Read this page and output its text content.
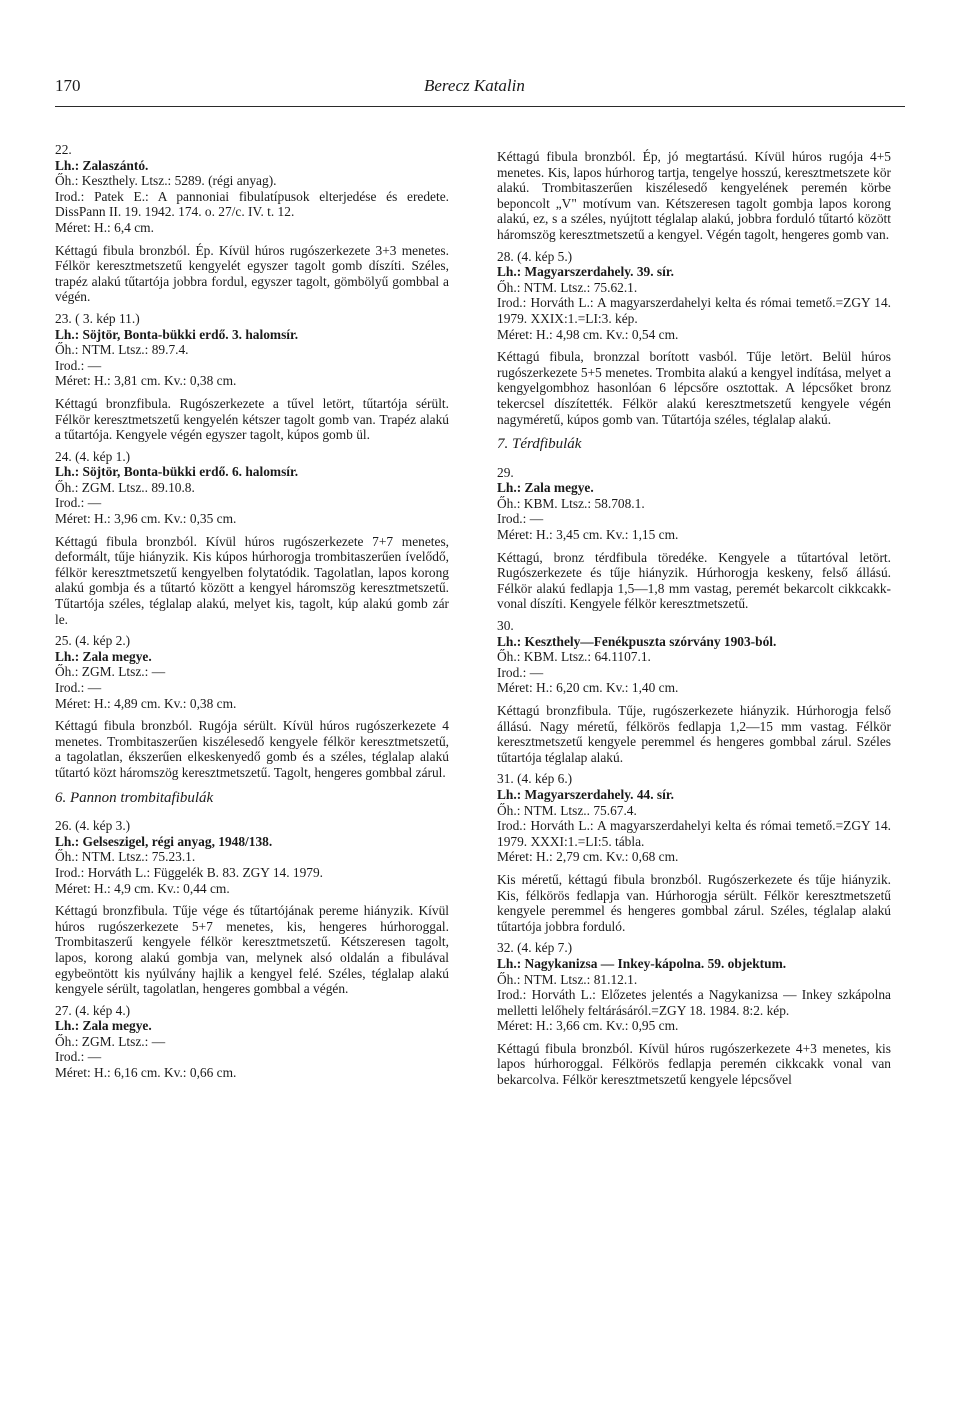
170	Berecz Katalin

22.

Lh.: Zalaszántó.

Őh.: Keszthely. Ltsz.: 5289. (régi anyag).

Irod.: Patek E.: A pannoniai fibulatípusok elterjedése és eredete. DissPann II. 19. 1942. 174. o. 27/c. IV. t. 12.

Méret: H.: 6,4 cm.

Kéttagú fibula bronzból. Ép. Kívül húros rugószerkezete 3+3 menetes. Félkör keresztmetszetű kengyelét egyszer tagolt gomb díszíti. Széles, trapéz alakú tűtartója jobbra fordul, egyszer tagolt, gömbölyű gombbal a végén.

23. ( 3. kép 11.)

Lh.: Söjtör, Bonta-bükki erdő. 3. halomsír.

Őh.: NTM. Ltsz.: 89.7.4.

Irod.: —

Méret: H.: 3,81 cm. Kv.: 0,38 cm.

Kéttagú bronzfibula. Rugószerkezete a tűvel letört, tűtartója sérült. Félkör keresztmetszetű kengyelén kétszer tagolt gomb van. Trapéz alakú a tűtartója. Kengyele végén egyszer tagolt, kúpos gomb ül.

24. (4. kép 1.)

Lh.: Söjtör, Bonta-bükki erdő. 6. halomsír.

Őh.: ZGM. Ltsz.. 89.10.8.

Irod.: —

Méret: H.: 3,96 cm. Kv.: 0,35 cm.

Kéttagú fibula bronzból. Kívül húros rugószerkezete 7+7 menetes, deformált, tűje hiányzik. Kis kúpos húrhorogja trombitaszerűen ívelődő, félkör keresztmetszetű kengyelben folytatódik. Tagolatlan, lapos korong alakú gombja és a tűtartó között a kengyel háromszög keresztmetszetű. Tűtartója széles, téglalap alakú, melyet kis, tagolt, kúp alakú gomb zár le.

25. (4. kép 2.)

Lh.: Zala megye.

Őh.: ZGM. Ltsz.: —

Irod.: —

Méret: H.: 4,89 cm. Kv.: 0,38 cm.

Kéttagú fibula bronzból. Rugója sérült. Kívül húros rugószerkezete 4 menetes. Trombitaszerűen kiszélesedő kengyele félkör keresztmetszetű, a tagolatlan, ékszerűen elkeskenyedő gomb és a széles, téglalap alakú tűtartó közt háromszög keresztmetszetű. Tagolt, hengeres gombbal zárul.

6. Pannon trombitafibulák

26. (4. kép 3.)

Lh.: Gelseszigel, régi anyag, 1948/138.

Őh.: NTM. Ltsz.: 75.23.1.

Irod.: Horváth L.: Függelék B. 83. ZGY 14. 1979.

Méret: H.: 4,9 cm. Kv.: 0,44 cm.

Kéttagú bronzfibula. Tűje vége és tűtartójának pereme hiányzik. Kívül húros rugószerkezete 5+7 menetes, kis, hengeres húrhoroggal. Trombitaszerű kengyele félkör keresztmetszetű. Kétszeresen tagolt, lapos, korong alakú gombja van, melynek alsó oldalán a fibulával egybeöntött kis nyúlvány hajlik a kengyel felé. Széles, téglalap alakú kengyele sérült, tagolatlan, hengeres gombbal a végén.

27. (4. kép 4.)

Lh.: Zala megye.

Őh.: ZGM. Ltsz.: —

Irod.: —

Méret: H.: 6,16 cm. Kv.: 0,66 cm.

Kéttagú fibula bronzból. Ép, jó megtartású. Kívül húros rugója 4+5 menetes. Kis, lapos húrhorog tartja, tengelye hosszú, keresztmetszete kör alakú. Trombitaszerűen kiszélesedő kengyelének peremén körbe beponcolt „V" motívum van. Kétszeresen tagolt gombja lapos korong alakú, ez, s a széles, nyújtott téglalap alakú, jobbra forduló tűtartó között háromszög keresztmetszetű a kengyel. Végén tagolt, hengeres gomb van.

28. (4. kép 5.)

Lh.: Magyarszerdahely. 39. sír.

Őh.: NTM. Ltsz.: 75.62.1.

Irod.: Horváth L.: A magyarszerdahelyi kelta és római temető.=ZGY 14. 1979. XXIX:1.=LI:3. kép.

Méret: H.: 4,98 cm. Kv.: 0,54 cm.

Kéttagú fibula, bronzzal borított vasból. Tűje letört. Belül húros rugószerkezete 5+5 menetes. Trombita alakú a kengyel indítása, melyet a kengyelgombhoz hasonlóan 6 lépcsőre osztottak. A lépcsőket bronz tekercsel díszítették. Félkör alakú keresztmetszetű kengyele végén nagyméretű, kúpos gomb van. Tűtartója széles, téglalap alakú.

7. Térdfibulák

29.

Lh.: Zala megye.

Őh.: KBM. Ltsz.: 58.708.1.

Irod.: —

Méret: H.: 3,45 cm. Kv.: 1,15 cm.

Kéttagú, bronz térdfibula töredéke. Kengyele a tűtartóval letört. Rugószerkezete és tűje hiányzik. Húrhorogja keskeny, felső állású. Félkör alakú fedlapja 1,5—1,8 mm vastag, peremét bekarcolt cikkcakk-vonal díszíti. Kengyele félkör keresztmetszetű.

30.

Lh.: Keszthely—Fenékpuszta szórvány 1903-ból.

Őh.: KBM. Ltsz.: 64.1107.1.

Irod.: —

Méret: H.: 6,20 cm. Kv.: 1,40 cm.

Kéttagú bronzfibula. Tűje, rugószerkezete hiányzik. Húrhorogja felső állású. Nagy méretű, félkörös fedlapja 1,2—15 mm vastag. Félkör keresztmetszetű kengyele peremmel és hengeres gombbal zárul. Széles tűtartója téglalap alakú.

31. (4. kép 6.)

Lh.: Magyarszerdahely. 44. sír.

Őh.: NTM. Ltsz.. 75.67.4.

Irod.: Horváth L.: A magyarszerdahelyi kelta és római temető.=ZGY 14. 1979. XXXI:1.=LI:5. tábla.

Méret: H.: 2,79 cm. Kv.: 0,68 cm.

Kis méretű, kéttagú fibula bronzból. Rugószerkezete és tűje hiányzik. Kis, félkörös fedlapja van. Húrhorogja sérült. Félkör keresztmetszetű kengyele peremmel és hengeres gombbal zárul. Széles, téglalap alakú tűtartója jobbra forduló.

32. (4. kép 7.)

Lh.: Nagykanizsa — Inkey-kápolna. 59. objektum.

Őh.: NTM. Ltsz.: 81.12.1.

Irod.: Horváth L.: Előzetes jelentés a Nagykanizsa — Inkey szkápolna melletti lelőhely feltárásáról.=ZGY 18. 1984. 8:2. kép.

Méret: H.: 3,66 cm. Kv.: 0,95 cm.

Kéttagú fibula bronzból. Kívül húros rugószerkezete 4+3 menetes, kis lapos húrhoroggal. Félkörös fedlapja peremén cikkcakk vonal van bekarcolva. Félkör keresztmetszetű kengyele lépcsővel
